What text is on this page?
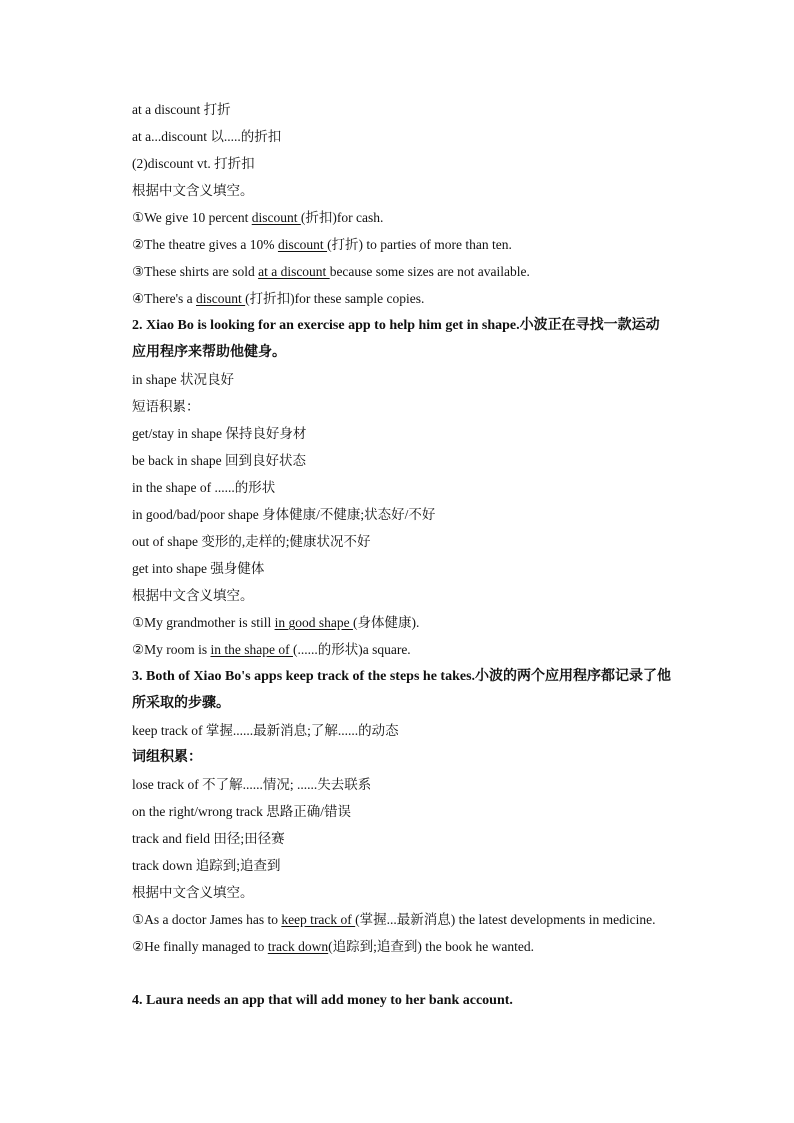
at a discount 打折
at a...discount 以.....的折扣
(2)discount vt. 打折扣
根据中文含义填空。
①We give 10 percent discount (折扣)for cash.
②The theatre gives a 10% discount (打折) to parties of more than ten.
③These shirts are sold at a discount because some sizes are not available.
④There's a discount (打折扣)for these sample copies.
2. Xiao Bo is looking for an exercise app to help him get in shape.小波正在寻找一款运动应用程序来帮助他健身。
in shape 状况良好
短语积累：
get/stay in shape 保持良好身材
be back in shape 回到良好状态
in the shape of ......的形状
in good/bad/poor shape 身体健康/不健康;状态好/不好
out of shape 变形的,走样的;健康状况不好
get into shape 强身健体
根据中文含义填空。
①My grandmother is still in good shape (身体健康).
②My room is in the shape of (......的形状)a square.
3. Both of Xiao Bo's apps keep track of the steps he takes.小波的两个应用程序都记录了他所采取的步骤。
keep track of 掌握......最新消息;了解......的动态
词组积累：
lose track of 不了解......情况; ......失去联系
on the right/wrong track 思路正确/错误
track and field 田径;田径赛
track down 追踪到;追查到
根据中文含义填空。
①As a doctor James has to keep track of (掌握...最新消息) the latest developments in medicine.
②He finally managed to track down(追踪到;追查到) the book he wanted.
4. Laura needs an app that will add money to her bank account.
